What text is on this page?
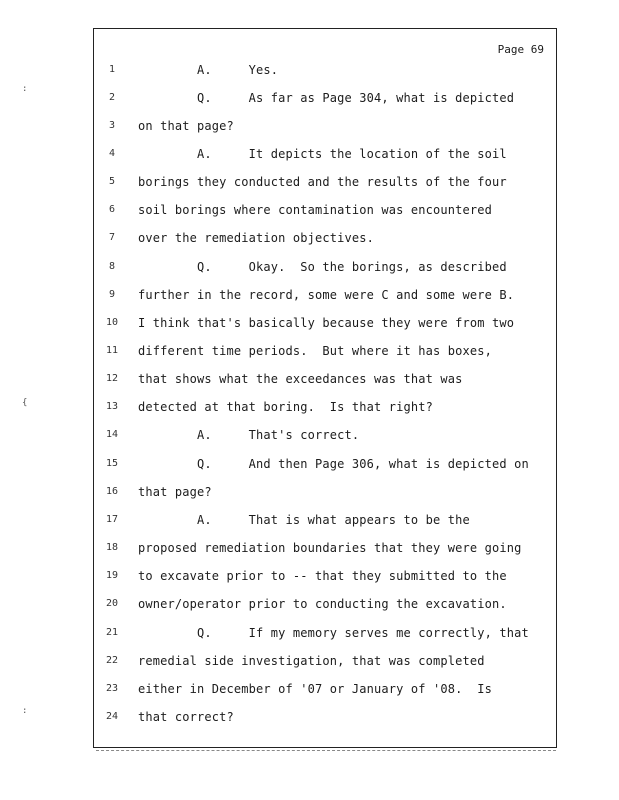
Page 69
:
{
:
1	A.     Yes.
2	Q.     As far as Page 304, what is depicted
3	on that page?
4	A.     It depicts the location of the soil
5	borings they conducted and the results of the four
6	soil borings where contamination was encountered
7	over the remediation objectives.
8	Q.     Okay.  So the borings, as described
9	further in the record, some were C and some were B.
10 I think that's basically because they were from two
11 different time periods.  But where it has boxes,
12 that shows what the exceedances was that was
13 detected at that boring.  Is that right?
14 A.     That's correct.
15 Q.     And then Page 306, what is depicted on
16 that page?
17 A.     That is what appears to be the
18 proposed remediation boundaries that they were going
19 to excavate prior to -- that they submitted to the
20 owner/operator prior to conducting the excavation.
21 Q.     If my memory serves me correctly, that
22 remedial side investigation, that was completed
23 either in December of '07 or January of '08.  Is
24 that correct?
